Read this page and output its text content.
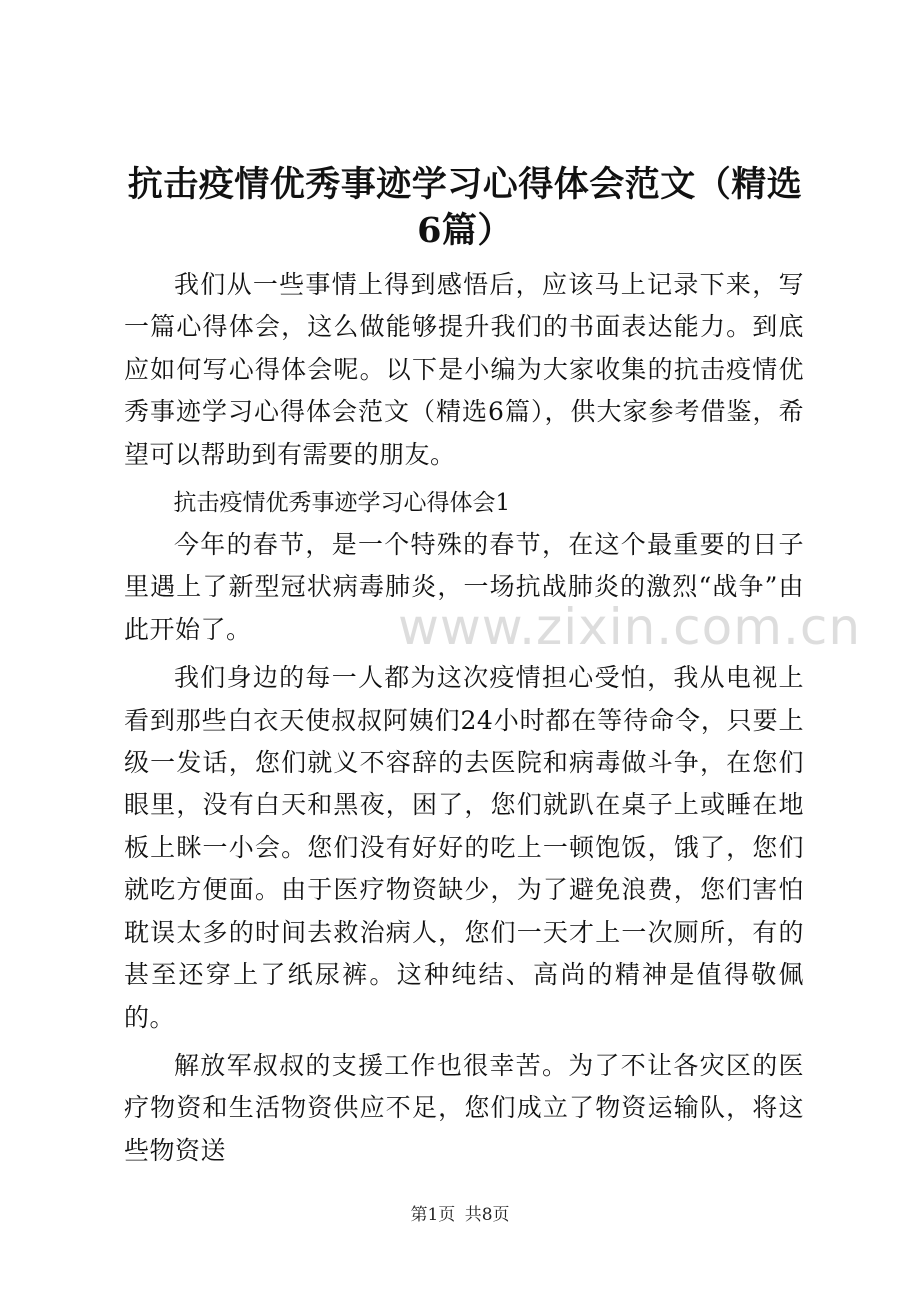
抗击疫情优秀事迹学习心得体会范文（精选6篇）

我们从一些事情上得到感悟后，应该马上记录下来，写一篇心得体会，这么做能够提升我们的书面表达能力。到底应如何写心得体会呢。以下是小编为大家收集的抗击疫情优秀事迹学习心得体会范文（精选6篇），供大家参考借鉴，希望可以帮助到有需要的朋友。

抗击疫情优秀事迹学习心得体会1

今年的春节，是一个特殊的春节，在这个最重要的日子里遇上了新型冠状病毒肺炎，一场抗战肺炎的激烈“战争”由此开始了。

我们身边的每一人都为这次疫情担心受怕，我从电视上看到那些白衣天使叔叔阿姨们24小时都在等待命令，只要上级一发话，您们就义不容辞的去医院和病毒做斗争，在您们眼里，没有白天和黑夜，困了，您们就趴在桌子上或睡在地板上眯一小会。您们没有好好的吃上一顿饱饭，饿了，您们就吃方便面。由于医疗物资缺少，为了避免浪费，您们害怕耽误太多的时间去救治病人，您们一天才上一次厕所，有的甚至还穿上了纸尿裤。这种纯结、高尚的精神是值得敬佩的。

解放军叔叔的支援工作也很幸苦。为了不让各灾区的医疗物资和生活物资供应不足，您们成立了物资运输队，将这些物资送

www.zixin.com.cn
第1页 共8页
